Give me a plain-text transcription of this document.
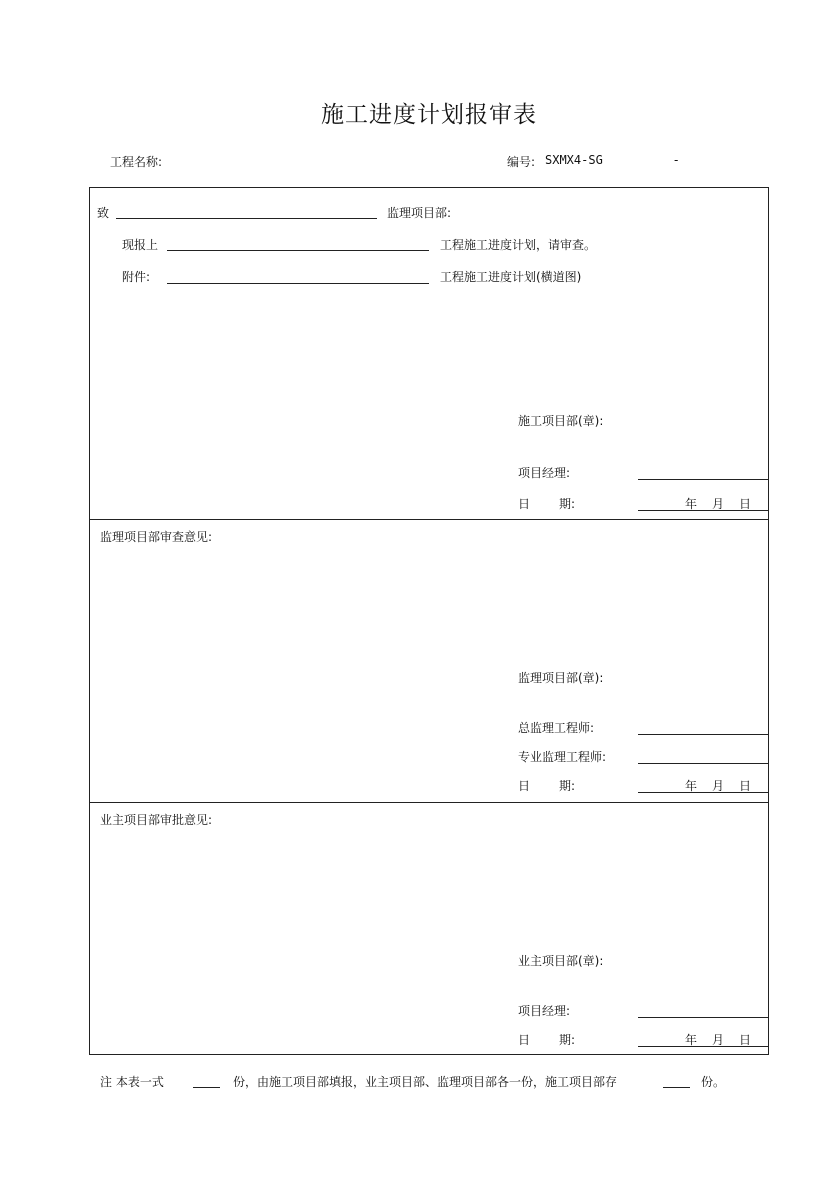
施工进度计划报审表
工程名称:	编号: SXMX4-SG	-
致	监理项目部:
现报上	工程施工进度计划，请审查。
附件:	工程施工进度计划(横道图)
施工项目部(章):
项目经理:
日 期:	年 月 日
监理项目部审查意见:
监理项目部(章):
总监理工程师:
专业监理工程师:
日 期:	年 月 日
业主项目部审批意见:
业主项目部(章):
项目经理:
日 期:	年 月 日
注 本表一式	份，由施工项目部填报，业主项目部、监理项目部各一份，施工项目部存	份。
